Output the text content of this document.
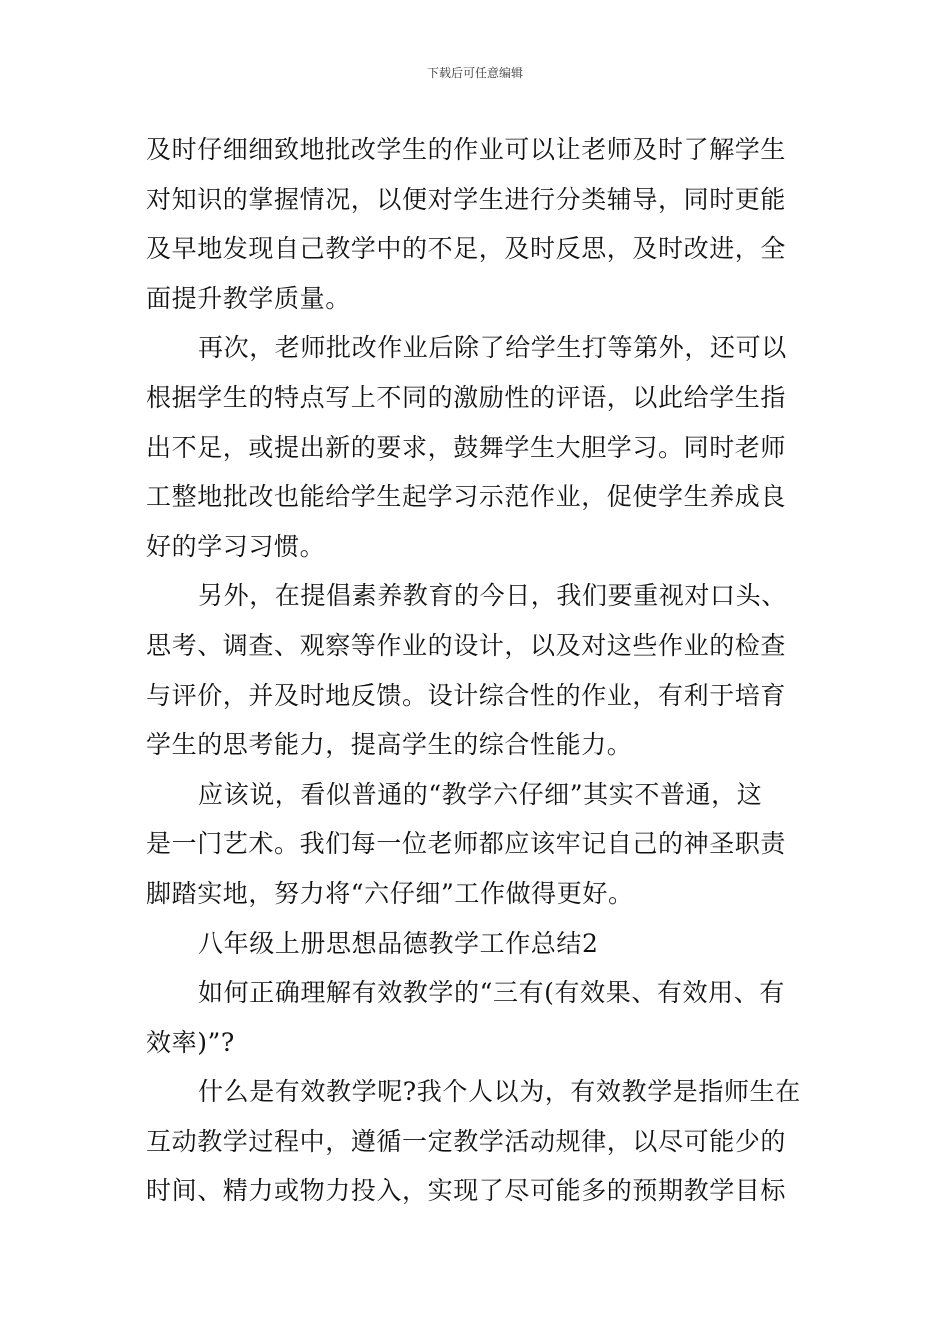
下载后可任意编辑
及时仔细细致地批改学生的作业可以让老师及时了解学生
对知识的掌握情况，以便对学生进行分类辅导，同时更能
及早地发现自己教学中的不足，及时反思，及时改进，全
面提升教学质量。
再次，老师批改作业后除了给学生打等第外，还可以
根据学生的特点写上不同的激励性的评语，以此给学生指
出不足，或提出新的要求，鼓舞学生大胆学习。同时老师
工整地批改也能给学生起学习示范作业，促使学生养成良
好的学习习惯。
另外，在提倡素养教育的今日，我们要重视对口头、
思考、调查、观察等作业的设计，以及对这些作业的检查
与评价，并及时地反馈。设计综合性的作业，有利于培育
学生的思考能力，提高学生的综合性能力。
应该说，看似普通的“教学六仔细”其实不普通，这
是一门艺术。我们每一位老师都应该牢记自己的神圣职责
脚踏实地，努力将“六仔细”工作做得更好。
八年级上册思想品德教学工作总结2
如何正确理解有效教学的“三有(有效果、有效用、有
效率)”?
什么是有效教学呢?我个人以为，有效教学是指师生在
互动教学过程中，遵循一定教学活动规律，以尽可能少的
时间、精力或物力投入，实现了尽可能多的预期教学目标
